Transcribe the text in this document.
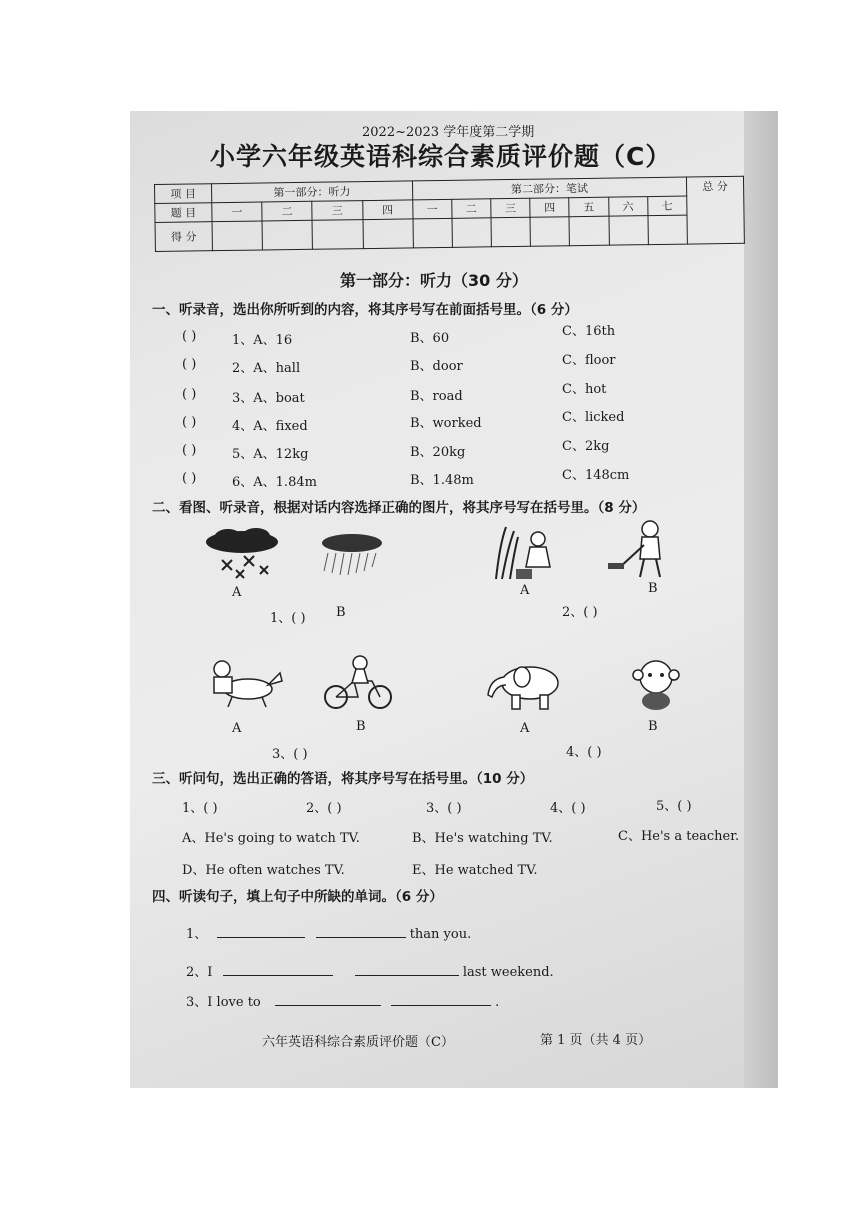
2022~2023 学年度第二学期
小学六年级英语科综合素质评价题（C）
项 目	第一部分：听力				第二部分：笔试							总 分
题 目	一	二	三	四	一	二	三	四	五	六	七	
得 分												
第一部分：听力（30 分）
一、听录音，选出你所听到的内容，将其序号写在前面括号里。（6 分）
( )	1、A、16	B、60	C、16th
( )	2、A、hall	B、door	C、floor
( )	3、A、boat	B、road	C、hot
( )	4、A、fixed	B、worked	C、licked
( )	5、A、12kg	B、20kg	C、2kg
( )	6、A、1.84m	B、1.48m	C、148cm
二、看图、听录音，根据对话内容选择正确的图片，将其序号写在括号里。（8 分）
A
B
1、( )
A	B
2、( )
A	B
3、( )
A	B
4、( )
三、听问句，选出正确的答语，将其序号写在括号里。（10 分）
1、( )	2、( )	3、( )	4、( )	5、( )
A、He's going to watch TV.	B、He's watching TV.	C、He's a teacher.
D、He often watches TV.	E、He watched TV.
四、听读句子，填上句子中所缺的单词。（6 分）
1、	than you.
2、I	last weekend.
3、I love to	.
六年英语科综合素质评价题（C）	第 1 页（共 4 页）
